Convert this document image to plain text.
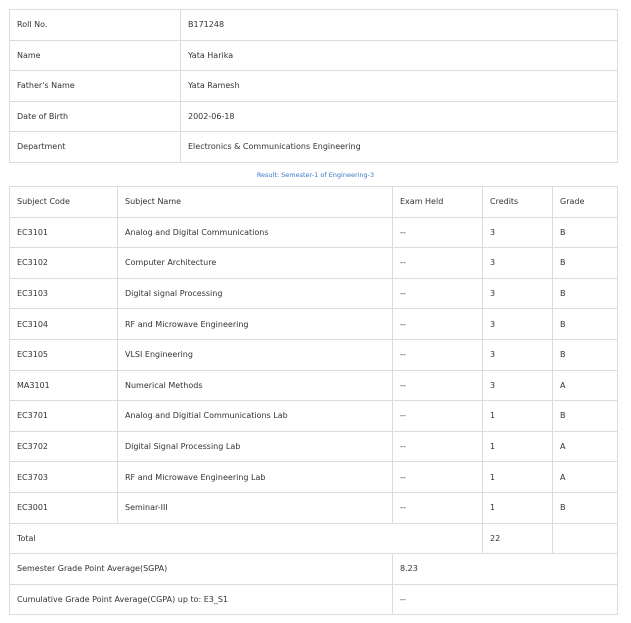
Roll No.	B171248
Name	Yata Harika
Father's Name	Yata Ramesh
Date of Birth	2002-06-18
Department	Electronics & Communications Engineering
Result: Semester-1 of Engineering-3
Subject Code	Subject Name	Exam Held	Credits	Grade
EC3101	Analog and Digital Communications	--	3	B
EC3102	Computer Architecture	--	3	B
EC3103	Digital signal Processing	--	3	B
EC3104	RF and Microwave Engineering	--	3	B
EC3105	VLSI Engineering	--	3	B
MA3101	Numerical Methods	--	3	A
EC3701	Analog and Digitial Communications Lab	--	1	B
EC3702	Digital Signal Processing Lab	--	1	A
EC3703	RF and Microwave Engineering Lab	--	1	A
EC3001	Seminar-III	--	1	B
Total			22	
Semester Grade Point Average(SGPA)		8.23		
Cumulative Grade Point Average(CGPA) up to: E3_S1		--		
